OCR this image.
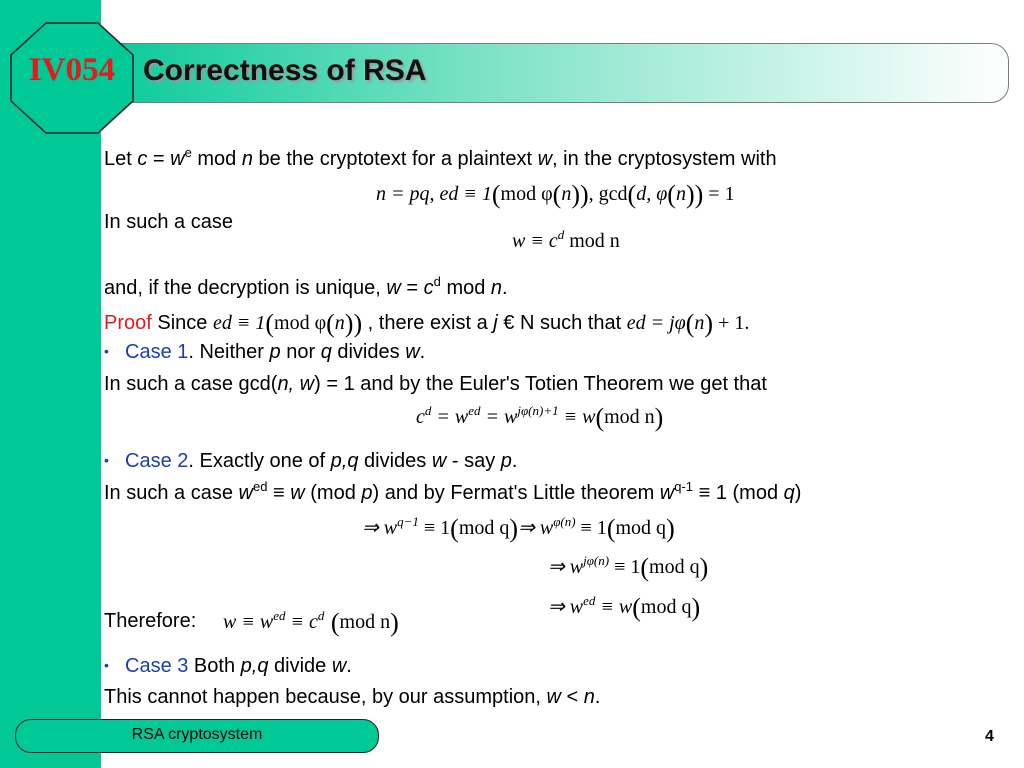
IV054 Correctness of RSA
Let $c = w^e$ mod n be the cryptotext for a plaintext w, in the cryptosystem with
n = pq, ed ≡ 1(mod φ(n)), gcd(d, φ(n)) = 1
In such a case
$w \equiv c^d$ mod n
and, if the decryption is unique, $w = c^d$ mod n.
Proof Since ed ≡ 1(mod φ(n)) , there exist a j € N such that ed = jφ(n) + 1.
• Case 1. Neither p nor q divides w.
In such a case gcd(n, w) = 1 and by the Euler's Totien Theorem we get that
$c^d = w^{ed} = w^{j\varphi(n)+1} \equiv w(mod$ n)
• Case 2. Exactly one of p,q divides w - say p.
In such a case $w^{ed} \equiv w$ (mod p) and by Fermat's Little theorem $w^{q-1} \equiv 1$ (mod q)
⇒ $w^{q-1} \equiv 1(mod$ q)⇒ $w^{\varphi(n)} \equiv 1(mod$ q)
⇒ $w^{j\varphi(n)} \equiv 1(mod$ q)
⇒ $w^{ed} \equiv w(mod$ q)
Therefore: $w \equiv w^{ed} \equiv c^d$ (mod n)
• Case 3 Both p,q divide w.
This cannot happen because, by our assumption, w < n.
RSA cryptosystem	4
